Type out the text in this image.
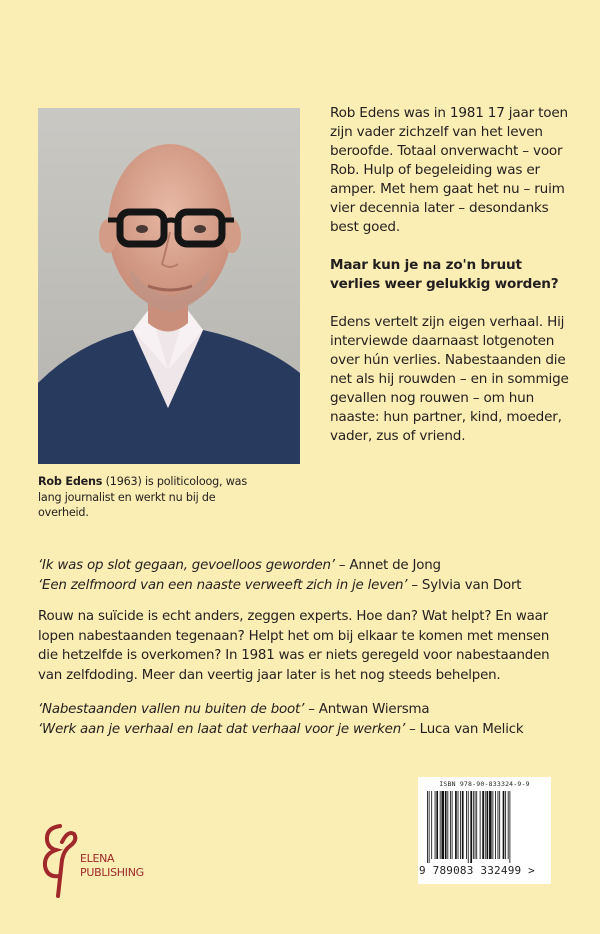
Rob Edens was in 1981 17 jaar toen zijn vader zichzelf van het leven beroofde. Totaal onverwacht – voor Rob. Hulp of begeleiding was er amper. Met hem gaat het nu – ruim vier decennia later – desondanks best goed.

Maar kun je na zo'n bruut verlies weer gelukkig worden?

Edens vertelt zijn eigen verhaal. Hij interviewde daarnaast lotgenoten over hún verlies. Nabestaanden die net als hij rouwden – en in sommige gevallen nog rouwen – om hun naaste: hun partner, kind, moeder, vader, zus of vriend.

Rob Edens (1963) is politicoloog, was lang journalist en werkt nu bij de overheid.
‘Ik was op slot gegaan, gevoelloos geworden’ – Annet de Jong
‘Een zelfmoord van een naaste verweeft zich in je leven’ – Sylvia van Dort

Rouw na suïcide is echt anders, zeggen experts. Hoe dan? Wat helpt? En waar lopen nabestaanden tegenaan? Helpt het om bij elkaar te komen met mensen die hetzelfde is overkomen? In 1981 was er niets geregeld voor nabestaanden van zelfdoding. Meer dan veertig jaar later is het nog steeds behelpen.

‘Nabestaanden vallen nu buiten de boot’ – Antwan Wiersma
‘Werk aan je verhaal en laat dat verhaal voor je werken’ – Luca van Melick
ELENA
PUBLISHING
ISBN 978-90-833324-9-9
9 789083 332499 >
